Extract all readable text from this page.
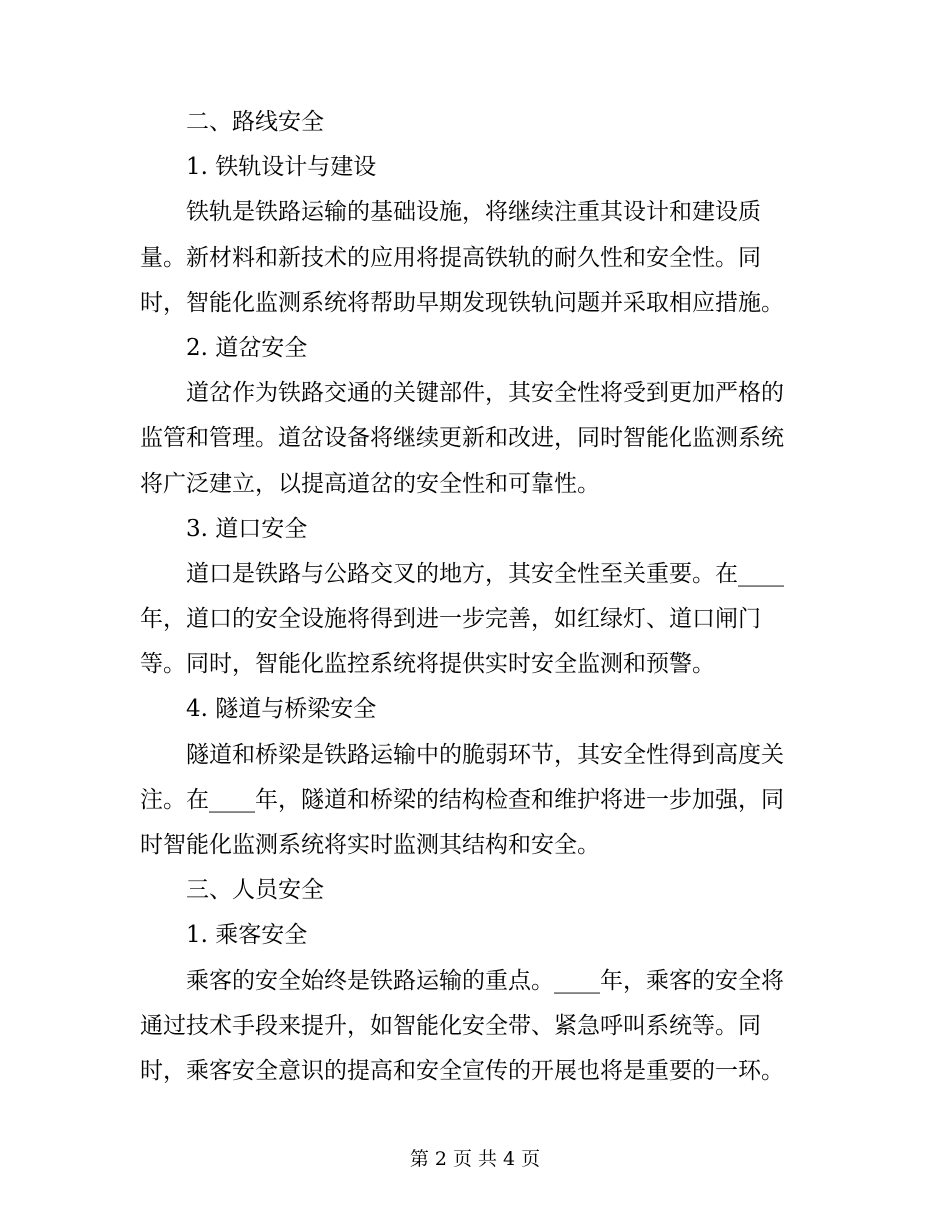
二、路线安全
1. 铁轨设计与建设
铁轨是铁路运输的基础设施，将继续注重其设计和建设质
量。新材料和新技术的应用将提高铁轨的耐久性和安全性。同
时，智能化监测系统将帮助早期发现铁轨问题并采取相应措施。
2. 道岔安全
道岔作为铁路交通的关键部件，其安全性将受到更加严格的
监管和管理。道岔设备将继续更新和改进，同时智能化监测系统
将广泛建立，以提高道岔的安全性和可靠性。
3. 道口安全
道口是铁路与公路交叉的地方，其安全性至关重要。在____
年，道口的安全设施将得到进一步完善，如红绿灯、道口闸门
等。同时，智能化监控系统将提供实时安全监测和预警。
4. 隧道与桥梁安全
隧道和桥梁是铁路运输中的脆弱环节，其安全性得到高度关
注。在____年，隧道和桥梁的结构检查和维护将进一步加强，同
时智能化监测系统将实时监测其结构和安全。
三、人员安全
1. 乘客安全
乘客的安全始终是铁路运输的重点。____年，乘客的安全将
通过技术手段来提升，如智能化安全带、紧急呼叫系统等。同
时，乘客安全意识的提高和安全宣传的开展也将是重要的一环。
第 2 页 共 4 页
